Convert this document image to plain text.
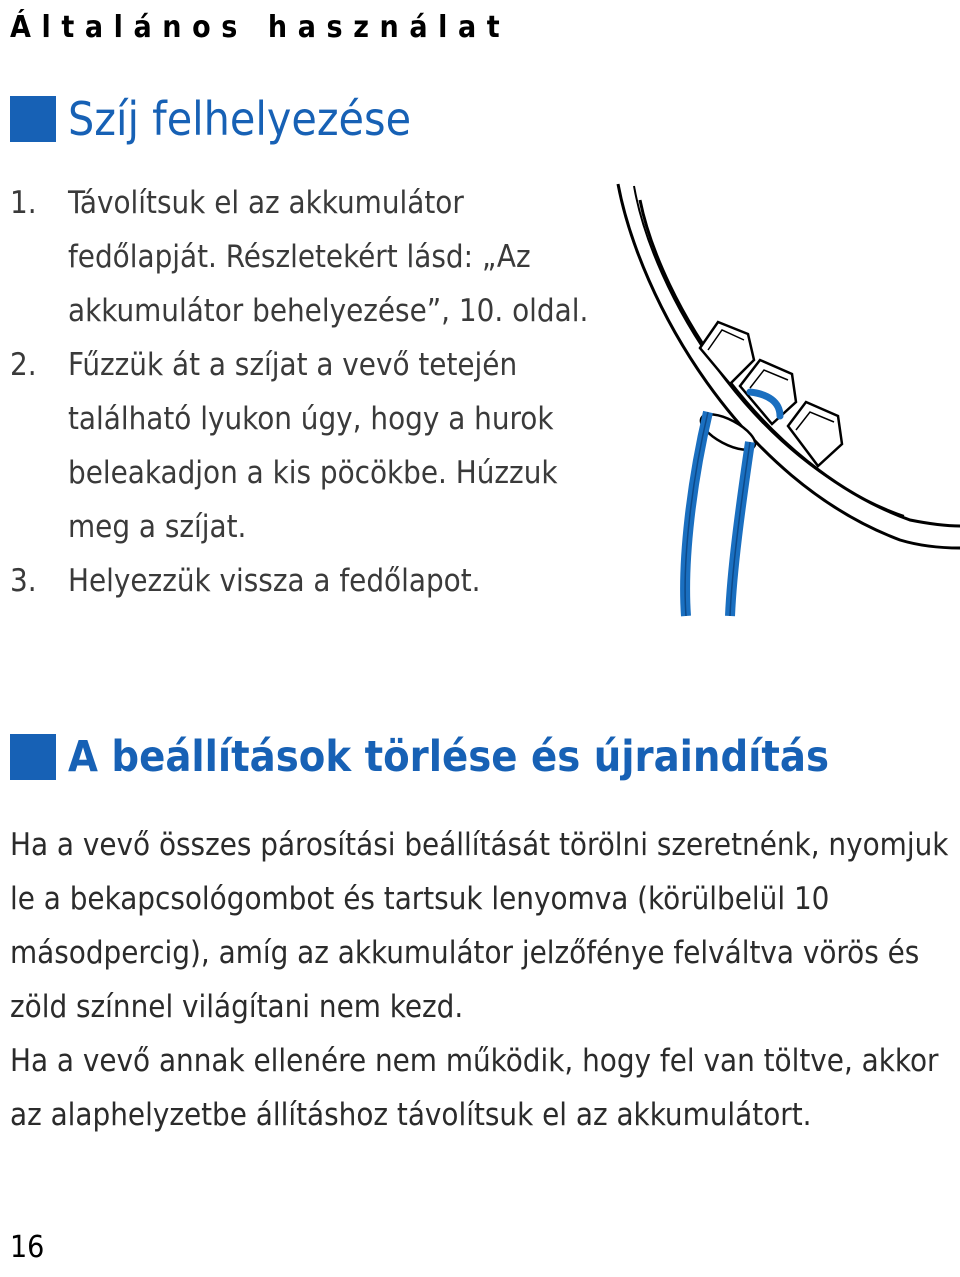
Általános használat
Szíj felhelyezése
1.	Távolítsuk el az akkumulátor fedőlapját. Részletekért lásd: „Az akkumulátor behelyezése”, 10. oldal.
2.	Fűzzük át a szíjat a vevő tetején található lyukon úgy, hogy a hurok beleakadjon a kis pöcökbe. Húzzuk meg a szíjat.
3.	Helyezzük vissza a fedőlapot.
A beállítások törlése és újraindítás

Ha a vevő összes párosítási beállítását törölni szeretnénk, nyomjuk le a bekapcsológombot és tartsuk lenyomva (körülbelül 10 másodpercig), amíg az akkumulátor jelzőfénye felváltva vörös és zöld színnel világítani nem kezd.

Ha a vevő annak ellenére nem működik, hogy fel van töltve, akkor az alaphelyzetbe állításhoz távolítsuk el az akkumulátort.

16
